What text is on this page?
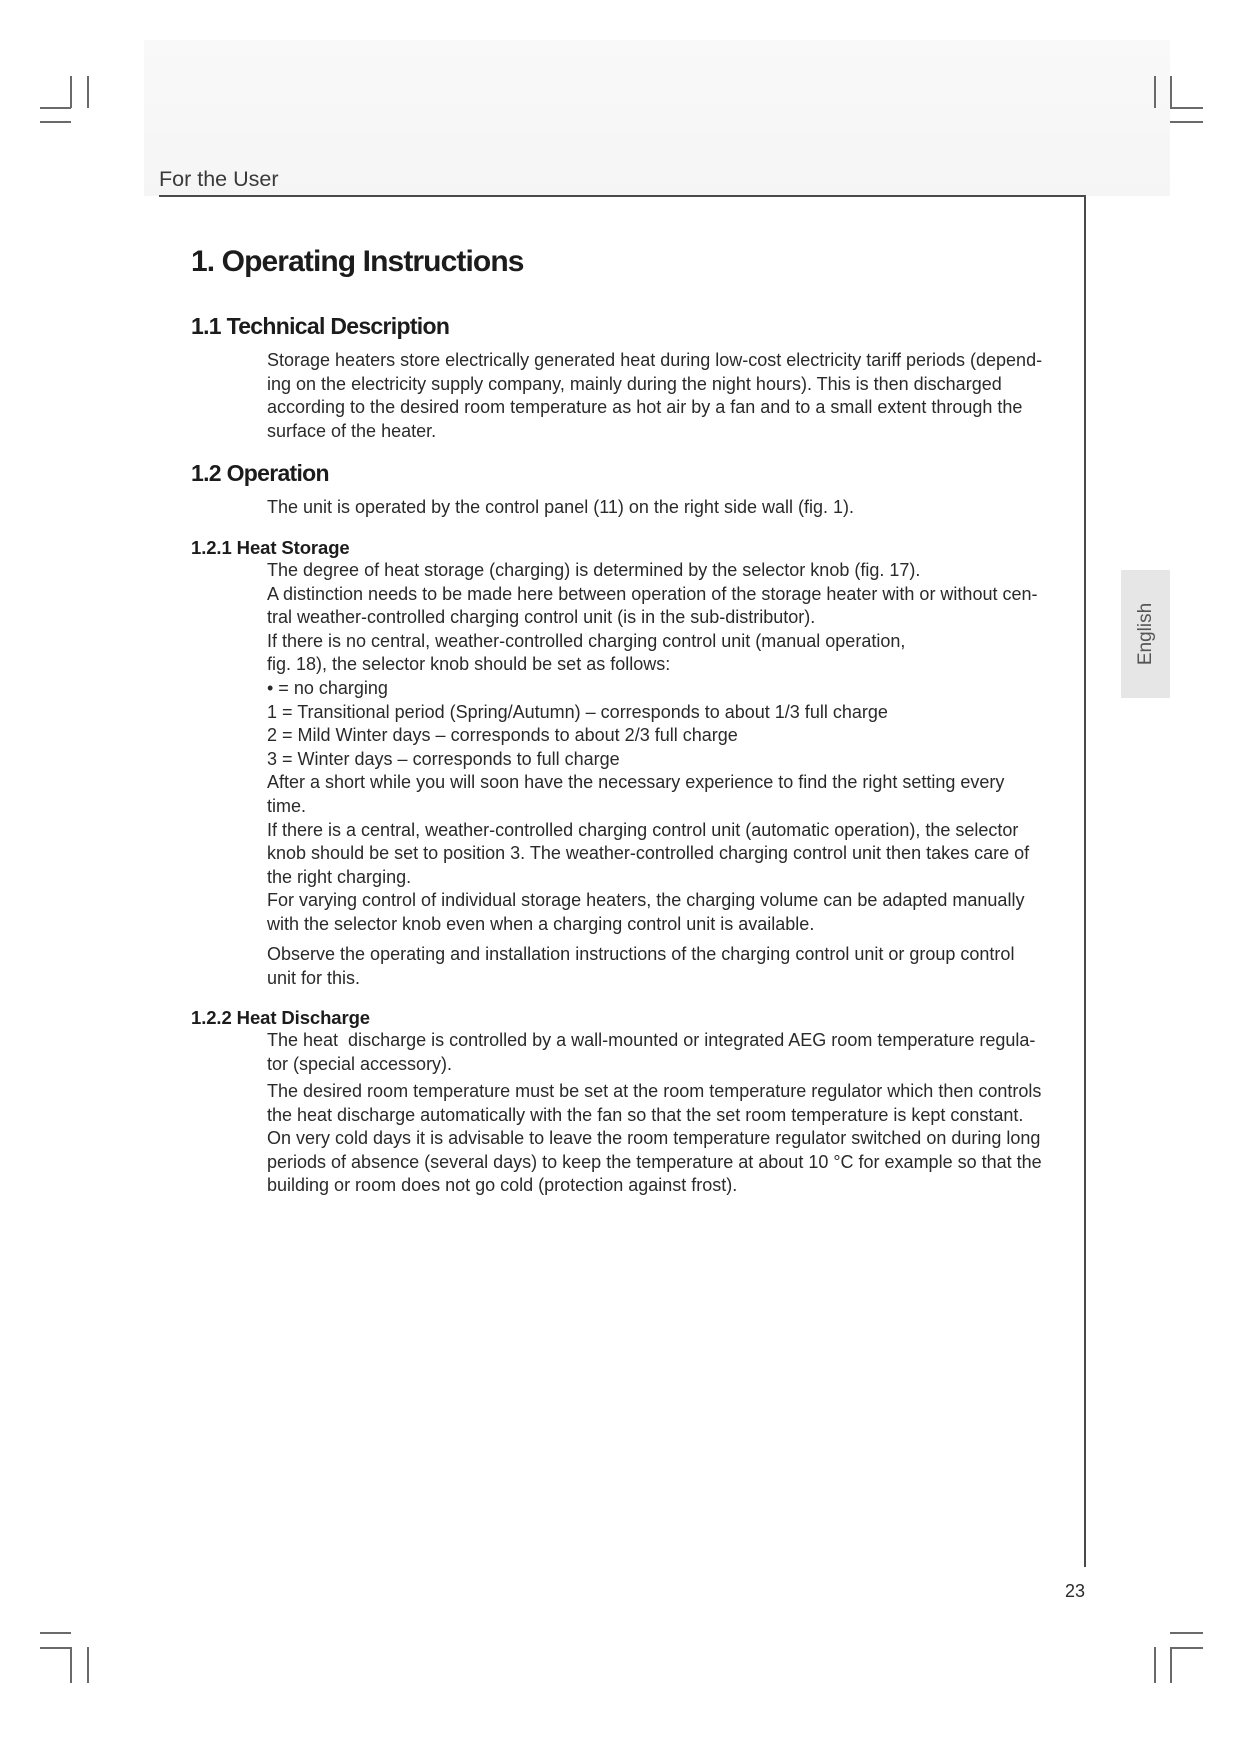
For the User
English
1. Operating Instructions
1.1 Technical Description
Storage heaters store electrically generated heat during low-cost electricity tariff periods (depend-
ing on the electricity supply company, mainly during the night hours). This is then discharged
according to the desired room temperature as hot air by a fan and to a small extent through the
surface of the heater.
1.2 Operation
The unit is operated by the control panel (11) on the right side wall (fig. 1).
1.2.1 Heat Storage
The degree of heat storage (charging) is determined by the selector knob (fig. 17).
A distinction needs to be made here between operation of the storage heater with or without cen-
tral weather-controlled charging control unit (is in the sub-distributor).
If there is no central, weather-controlled charging control unit (manual operation,
fig. 18), the selector knob should be set as follows:
• = no charging
1 = Transitional period (Spring/Autumn) – corresponds to about 1/3 full charge
2 = Mild Winter days – corresponds to about 2/3 full charge
3 = Winter days – corresponds to full charge
After a short while you will soon have the necessary experience to find the right setting every
time.
If there is a central, weather-controlled charging control unit (automatic operation), the selector
knob should be set to position 3. The weather-controlled charging control unit then takes care of
the right charging.
For varying control of individual storage heaters, the charging volume can be adapted manually
with the selector knob even when a charging control unit is available.
Observe the operating and installation instructions of the charging control unit or group control
unit for this.
1.2.2 Heat Discharge
The heat  discharge is controlled by a wall-mounted or integrated AEG room temperature regula-
tor (special accessory).
The desired room temperature must be set at the room temperature regulator which then controls
the heat discharge automatically with the fan so that the set room temperature is kept constant.
On very cold days it is advisable to leave the room temperature regulator switched on during long
periods of absence (several days) to keep the temperature at about 10 °C for example so that the
building or room does not go cold (protection against frost).
23
